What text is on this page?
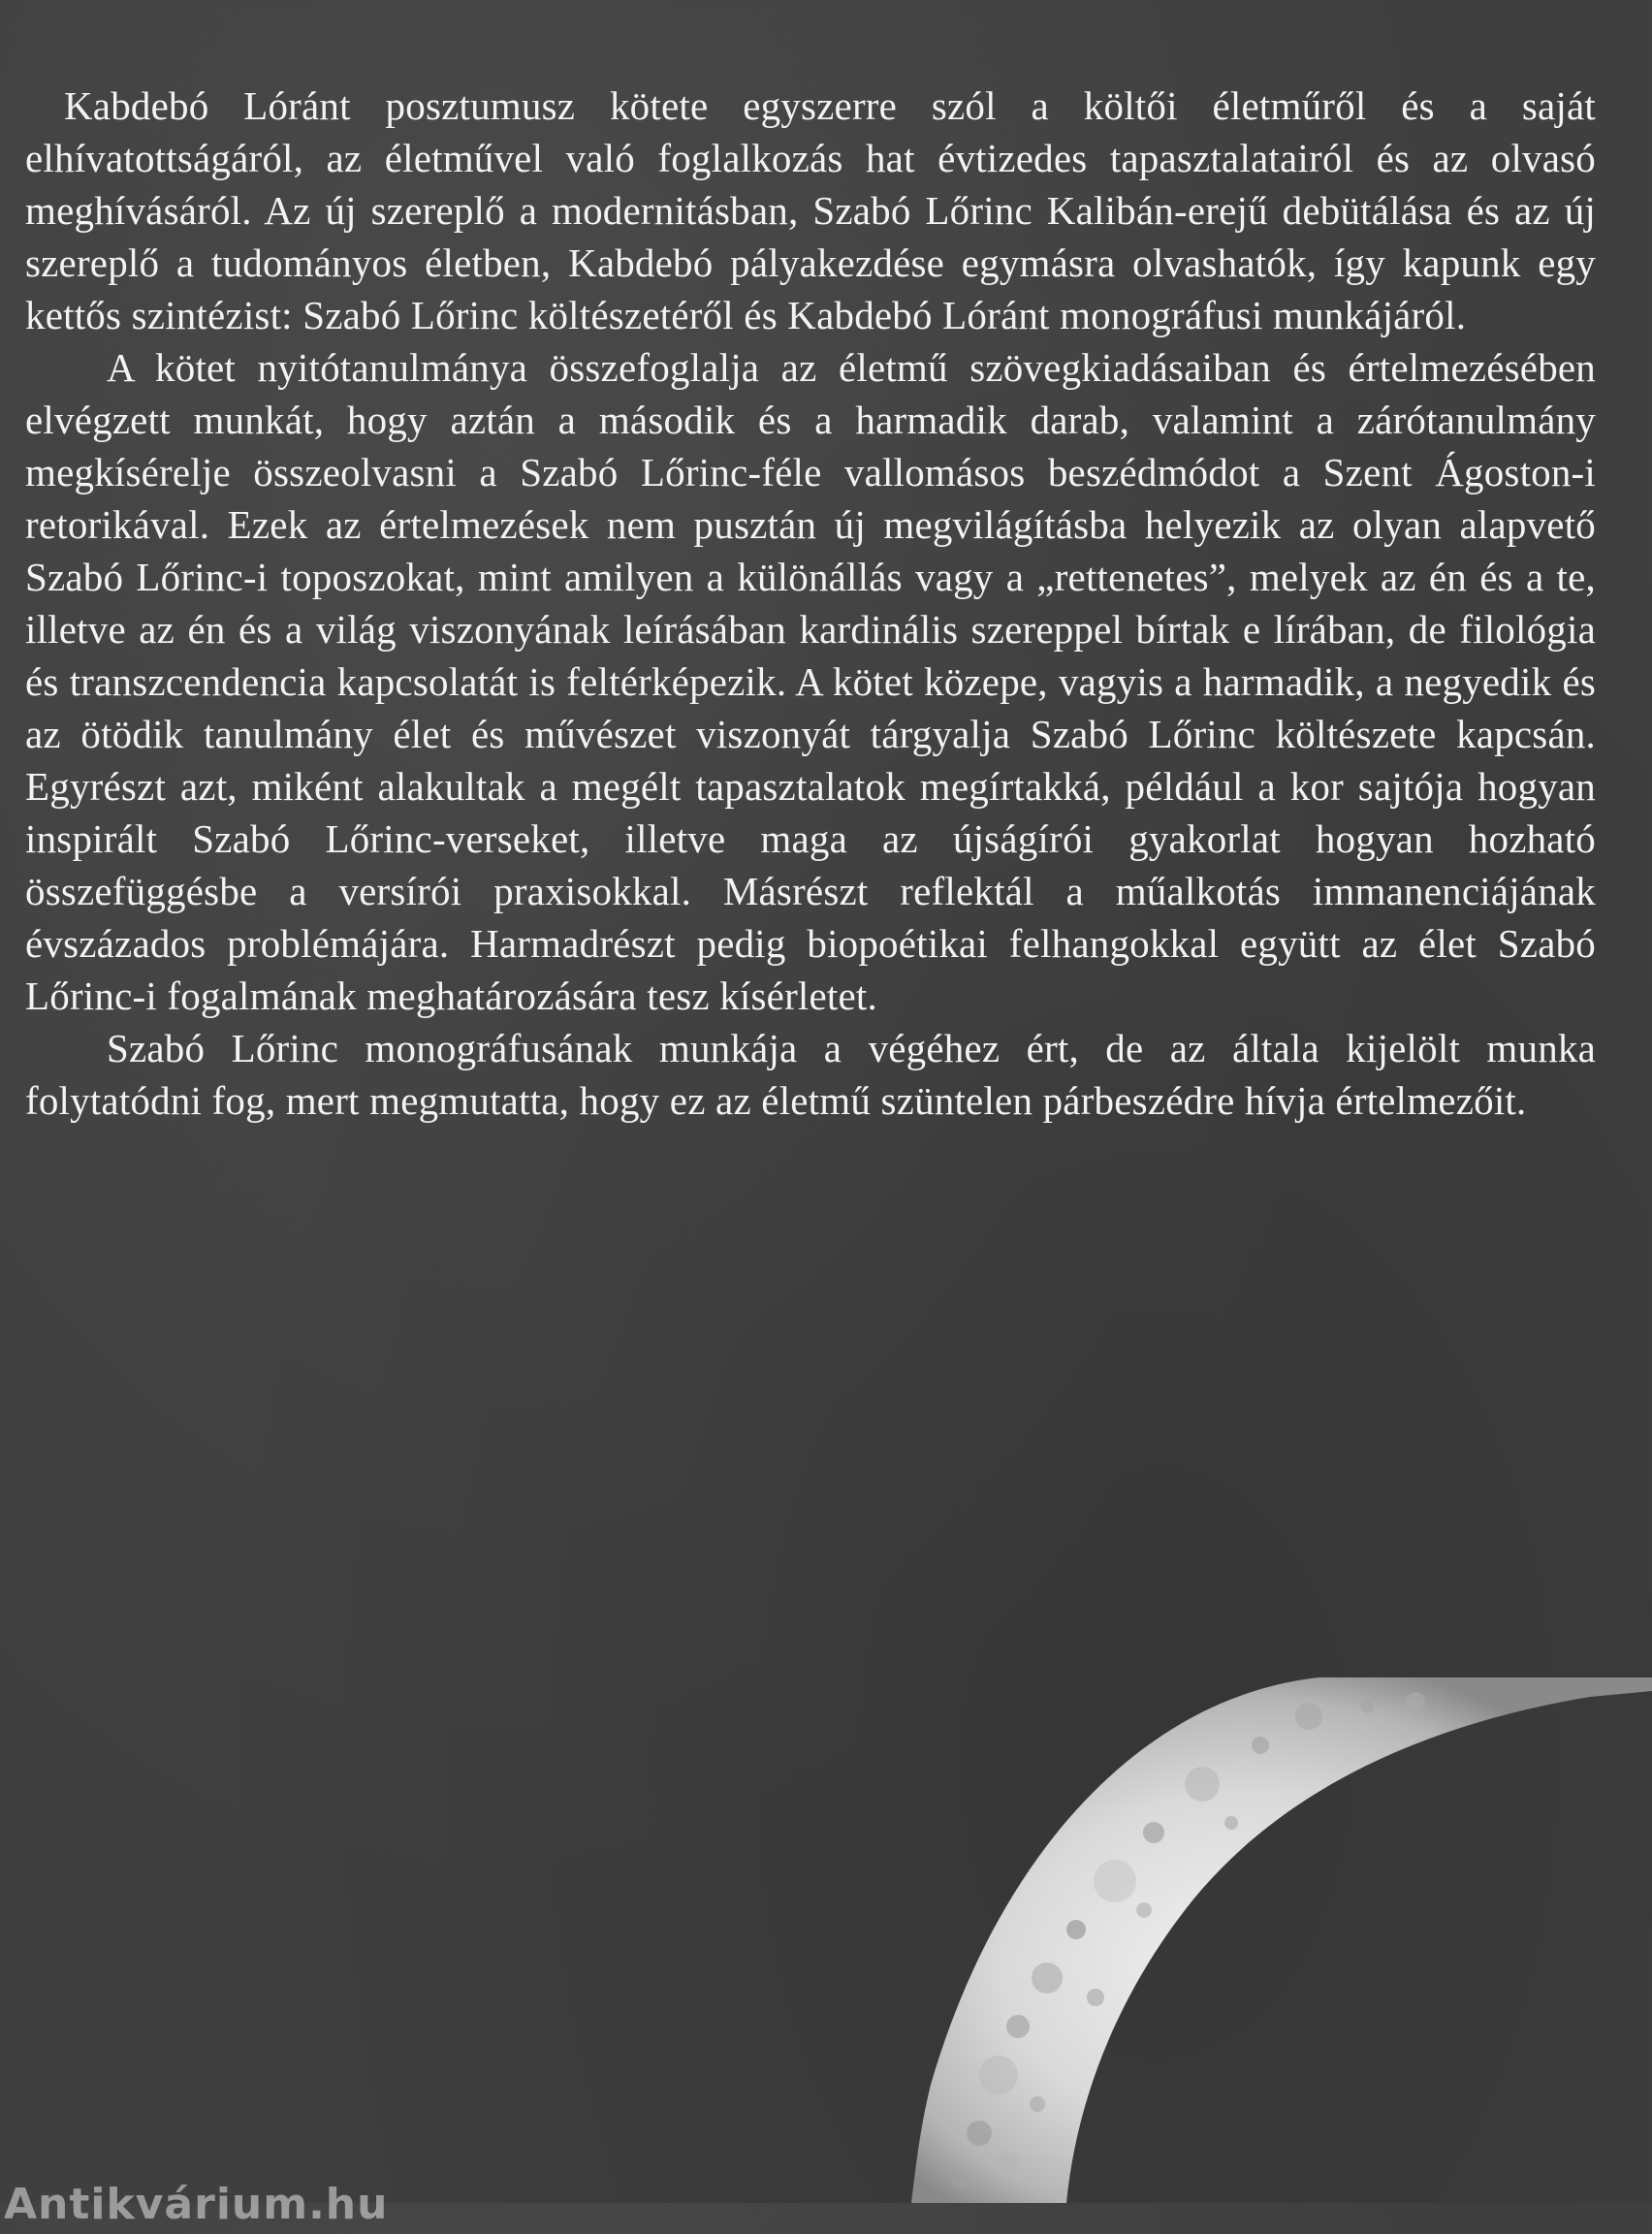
Kabdebó Lóránt posztumusz kötete egyszerre szól a költői életműről és a saját elhívatottságáról, az életművel való foglalkozás hat évtizedes tapasztalatairól és az olvasó meghívásáról. Az új szereplő a modernitásban, Szabó Lőrinc Kalibán-erejű debütálása és az új szereplő a tudományos életben, Kabdebó pályakezdése egymásra olvashatók, így kapunk egy kettős szintézist: Szabó Lőrinc költészetéről és Kabdebó Lóránt monográfusi munkájáról.

A kötet nyitótanulmánya összefoglalja az életmű szövegkiadásaiban és értelmezésében elvégzett munkát, hogy aztán a második és a harmadik darab, valamint a zárótanulmány megkísérelje összeolvasni a Szabó Lőrinc-féle vallomásos beszédmódot a Szent Ágoston-i retorikával. Ezek az értelmezések nem pusztán új megvilágításba helyezik az olyan alapvető Szabó Lőrinc-i toposzokat, mint amilyen a különállás vagy a „rettenetes”, melyek az én és a te, illetve az én és a világ viszonyának leírásában kardinális szereppel bírtak e lírában, de filológia és transzcendencia kapcsolatát is feltérképezik. A kötet közepe, vagyis a harmadik, a negyedik és az ötödik tanulmány élet és művészet viszonyát tárgyalja Szabó Lőrinc költészete kapcsán. Egyrészt azt, miként alakultak a megélt tapasztalatok megírtakká, például a kor sajtója hogyan inspirált Szabó Lőrinc-verseket, illetve maga az újságírói gyakorlat hogyan hozható összefüggésbe a versírói praxisokkal. Másrészt reflektál a műalkotás immanenciájának évszázados problémájára. Harmadrészt pedig biopoétikai felhangokkal együtt az élet Szabó Lőrinc-i fogalmának meghatározására tesz kísérletet.

Szabó Lőrinc monográfusának munkája a végéhez ért, de az általa kijelölt munka folytatódni fog, mert megmutatta, hogy ez az életmű szüntelen párbeszédre hívja értelmezőit.

Antikvárium.hu
